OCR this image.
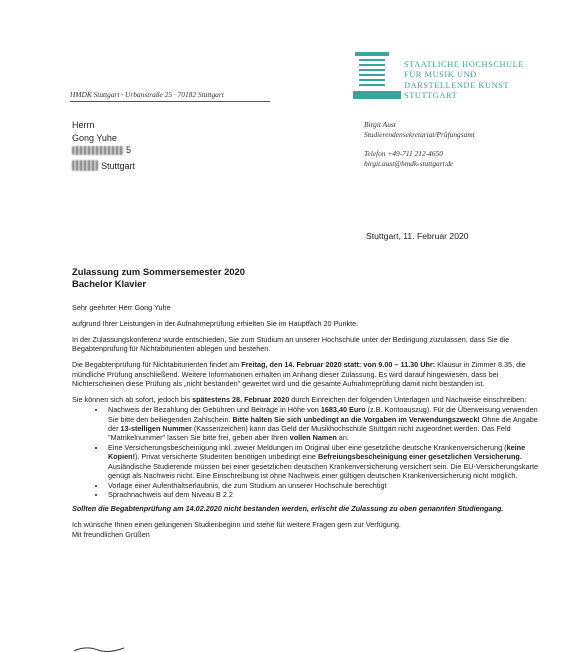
STAATLICHE HOCHSCHULE
FÜR MUSIK UND
DARSTELLENDE KUNST
STUTTGART
HMDK Stuttgart · Urbanstraße 25 · 70182 Stuttgart
Herrn
Gong Yuhe
5
Stuttgart
Birgit Aust
Studierendensekretariat/Prüfungsamt
Telefon +49-711 212-4650
birgit.aust@hmdk-stuttgart.de
Stuttgart, 11. Februar 2020
Zulassung zum Sommersemester 2020
Bachelor Klavier

Sehr geehrter Herr Gong Yuhe

aufgrund Ihrer Leistungen in der Aufnahmeprüfung erhielten Sie im Hauptfach 20 Punkte.

In der Zulassungskonferenz wurde entschieden, Sie zum Studium an unserer Hochschule unter der Bedingung zuzulassen, dass Sie die Begabtenprüfung für Nichtabiturienten ablegen und bestehen.

Die Begabtenprüfung für Nichtabiturienten findet am Freitag, den 14. Februar 2020 statt: von 9.00 – 11.30 Uhr: Klausur in Zimmer 8.35, die mündliche Prüfung anschließend. Weitere Informationen erhalten im Anhang dieser Zulassung. Es wird darauf hingewiesen, dass bei Nichterscheinen diese Prüfung als „nicht bestanden" gewertet wird und die gesamte Aufnahmeprüfung damit nicht bestanden ist.

Sie können sich ab sofort, jedoch bis spätestens 28. Februar 2020 durch Einreichen der folgenden Unterlagen und Nachweise einschreiben:

• Nachweis der Bezahlung der Gebühren und Beiträge in Höhe von 1683,40 Euro (z.B. Kontoauszug). Für die Überweisung verwenden Sie bitte den beiliegenden Zahlschein. Bitte halten Sie sich unbedingt an die Vorgaben im Verwendungszweck! Ohne die Angabe der 13-stelligen Nummer (Kassenzeichen) kann das Geld der Musikhochschule Stuttgart nicht zugeordnet werden. Das Feld "Matrikelnummer" lassen Sie bitte frei, geben aber Ihren vollen Namen an.
• Eine Versicherungsbescheinigung inkl. zweier Meldungen im Original über eine gesetzliche deutsche Krankenversicherung (keine Kopien!). Privat versicherte Studenten benötigen unbedingt eine Befreiungsbescheinigung einer gesetzlichen Versicherung. Ausländische Studierende müssen bei einer gesetzlichen deutschen Krankenversicherung versichert sein. Die EU-Versicherungskarte genügt als Nachweis nicht. Eine Einschreibung ist ohne Nachweis einer gültigen deutschen Krankenversicherung nicht möglich.
• Vorlage einer Aufenthaltserlaubnis, die zum Studium an unserer Hochschule berechtigt
• Sprachnachweis auf dem Niveau B 2.2

Sollten die Begabtenprüfung am 14.02.2020 nicht bestanden werden, erlischt die Zulassung zu oben genannten Studiengang.

Ich wünsche Ihnen einen gelungenen Studienbeginn und stehe für weitere Fragen gern zur Verfügung.

Mit freundlichen Grüßen
